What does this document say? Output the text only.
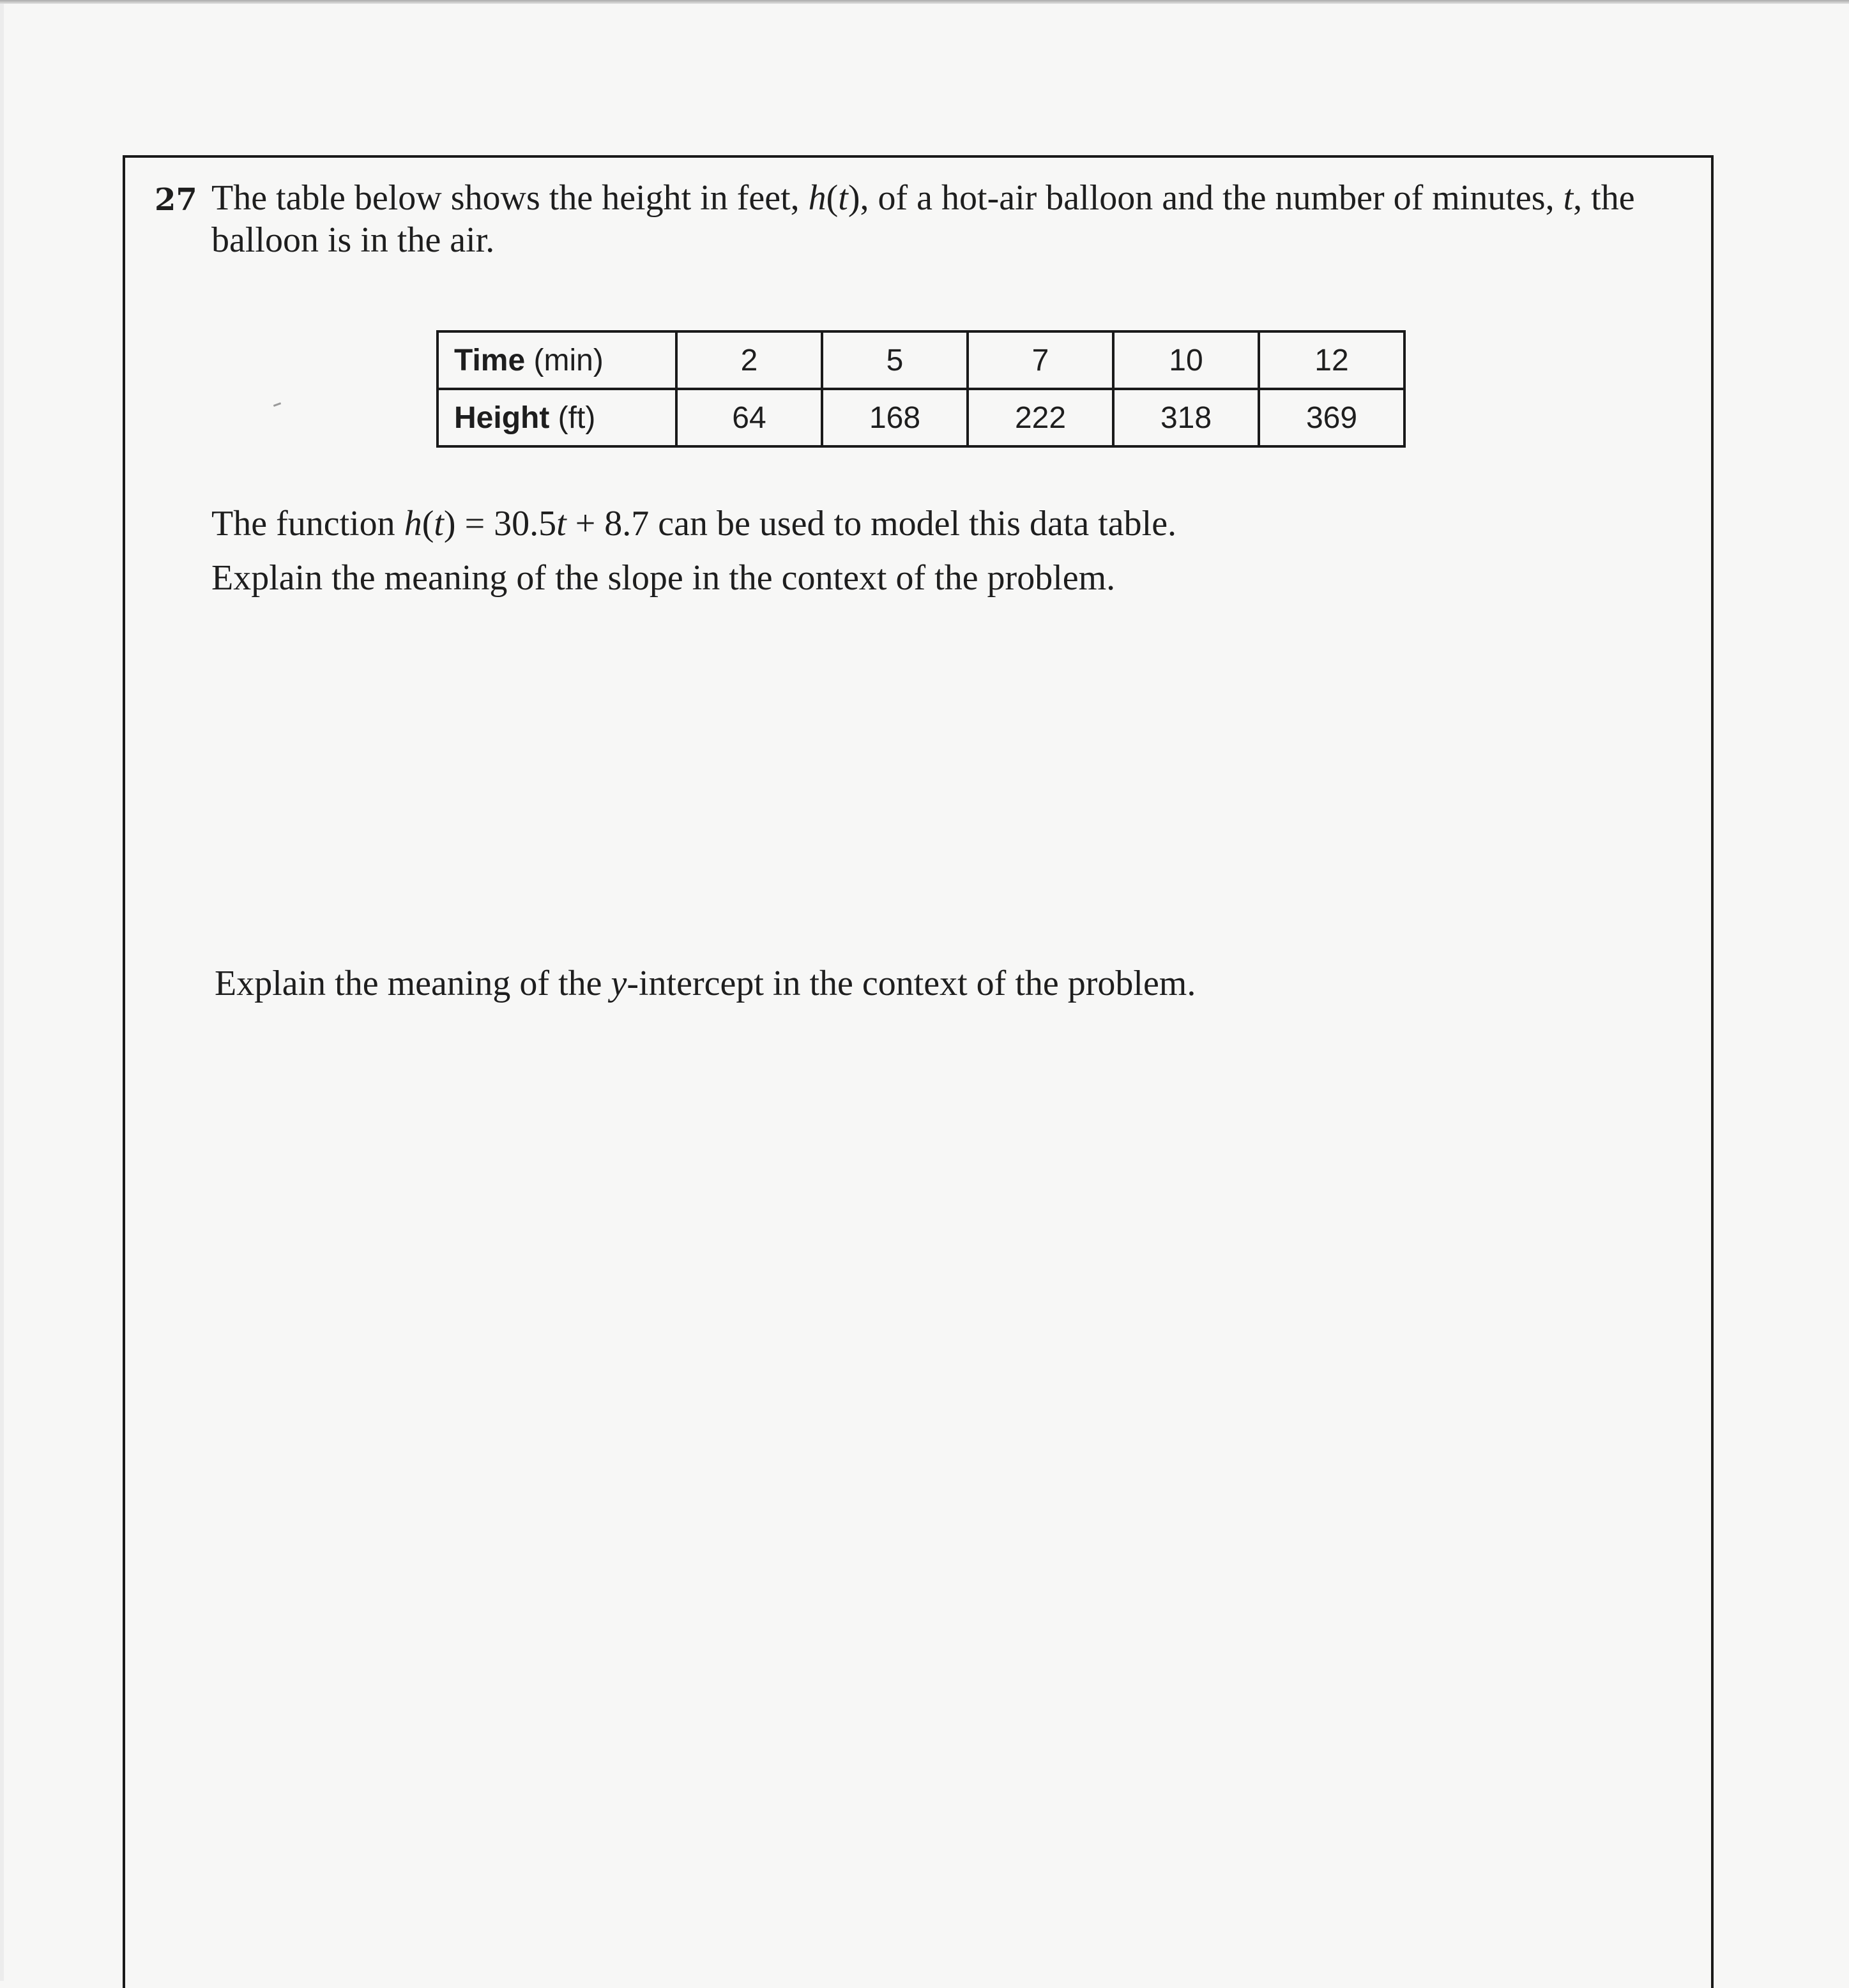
27 The table below shows the height in feet, h(t), of a hot-air balloon and the number of minutes, t, the balloon is in the air.
Time (min)	2	5	7	10	12
Height (ft)	64	168	222	318	369
The function h(t) = 30.5t + 8.7 can be used to model this data table.
Explain the meaning of the slope in the context of the problem.
Explain the meaning of the y-intercept in the context of the problem.
